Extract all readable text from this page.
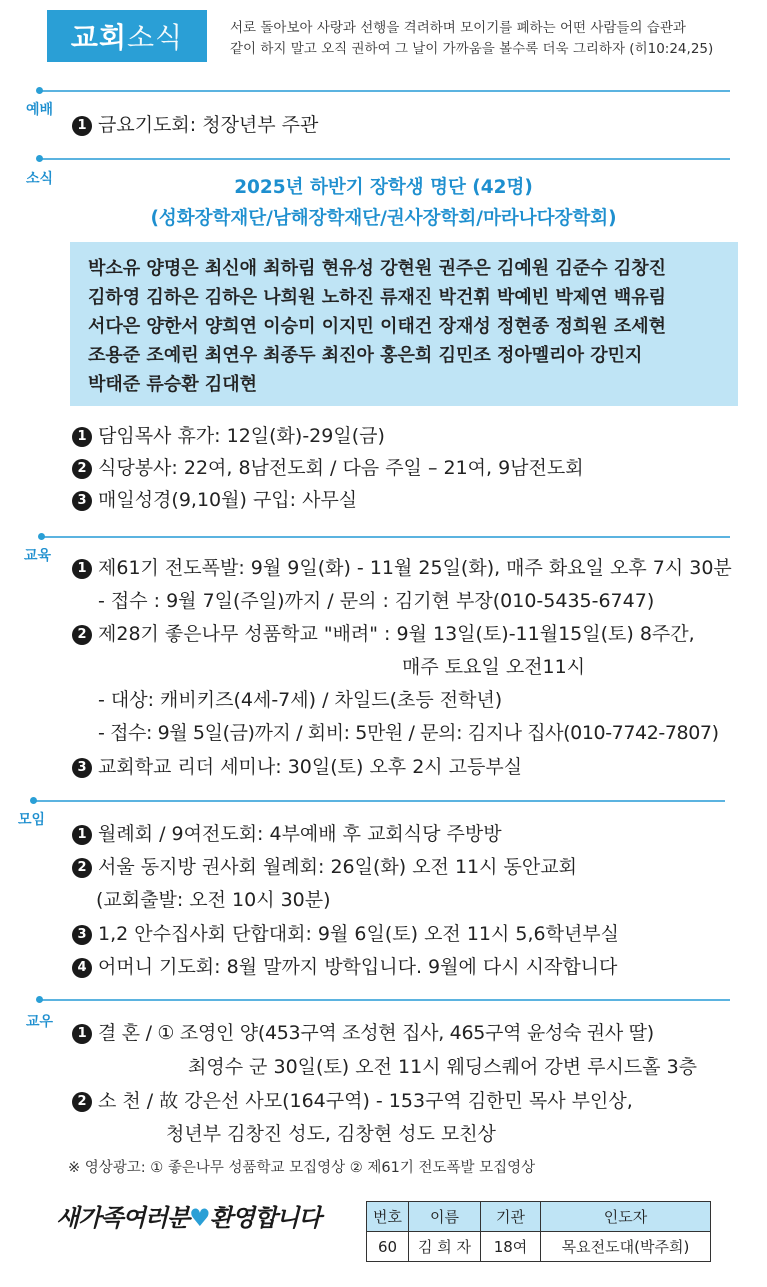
교회 소식	서로 돌아보아 사랑과 선행을 격려하며 모이기를 폐하는 어떤 사람들의 습관과
같이 하지 말고 오직 권하여 그 날이 가까움을 볼수록 더욱 그리하자 (히10:24,25)
예배
1 금요기도회: 청장년부 주관
소식	2025년 하반기 장학생 명단 (42명)
(성화장학재단/남해장학재단/권사장학회/마라나다장학회)
박소유 양명은 최신애 최하림 현유성 강현원 권주은 김예원 김준수 김창진
김하영 김하은 김하은 나희원 노하진 류재진 박건휘 박예빈 박제연 백유림
서다은 양한서 양희연 이승미 이지민 이태건 장재성 정현종 정희원 조세현
조용준 조예린 최연우 최종두 최진아 홍은희 김민조 정아멜리아 강민지
박태준 류승환 김대현
1 담임목사 휴가: 12일(화)-29일(금)
2 식당봉사: 22여, 8남전도회 / 다음 주일 – 21여, 9남전도회
3 매일성경(9,10월) 구입: 사무실
교육
1 제61기 전도폭발: 9월 9일(화) - 11월 25일(화), 매주 화요일 오후 7시 30분
- 접수 : 9월 7일(주일)까지 / 문의 : 김기현 부장(010-5435-6747)
2 제28기 좋은나무 성품학교 "배려" : 9월 13일(토)-11월15일(토) 8주간,
매주 토요일 오전11시
- 대상: 캐비키즈(4세-7세) / 차일드(초등 전학년)
- 접수: 9월 5일(금)까지 / 회비: 5만원 / 문의: 김지나 집사(010-7742-7807)
3 교회학교 리더 세미나: 30일(토) 오후 2시 고등부실
모임
1 월례회 / 9여전도회: 4부예배 후 교회식당 주방방
2 서울 동지방 권사회 월례회: 26일(화) 오전 11시 동안교회
(교회출발: 오전 10시 30분)
3 1,2 안수집사회 단합대회: 9월 6일(토) 오전 11시 5,6학년부실
4 어머니 기도회: 8월 말까지 방학입니다. 9월에 다시 시작합니다
교우
1 결 혼 / ① 조영인 양(453구역 조성현 집사, 465구역 윤성숙 권사 딸)
최영수 군 30일(토) 오전 11시 웨딩스퀘어 강변 루시드홀 3층
2 소 천 / 故 강은선 사모(164구역) - 153구역 김한민 목사 부인상,
청년부 김창진 성도, 김창현 성도 모친상
※ 영상광고: ① 좋은나무 성품학교 모집영상 ② 제61기 전도폭발 모집영상
새가족여러분♥환영합니다	번호	이름	기관	인도자
60	김 희 자	18여	목요전도대(박주희)
